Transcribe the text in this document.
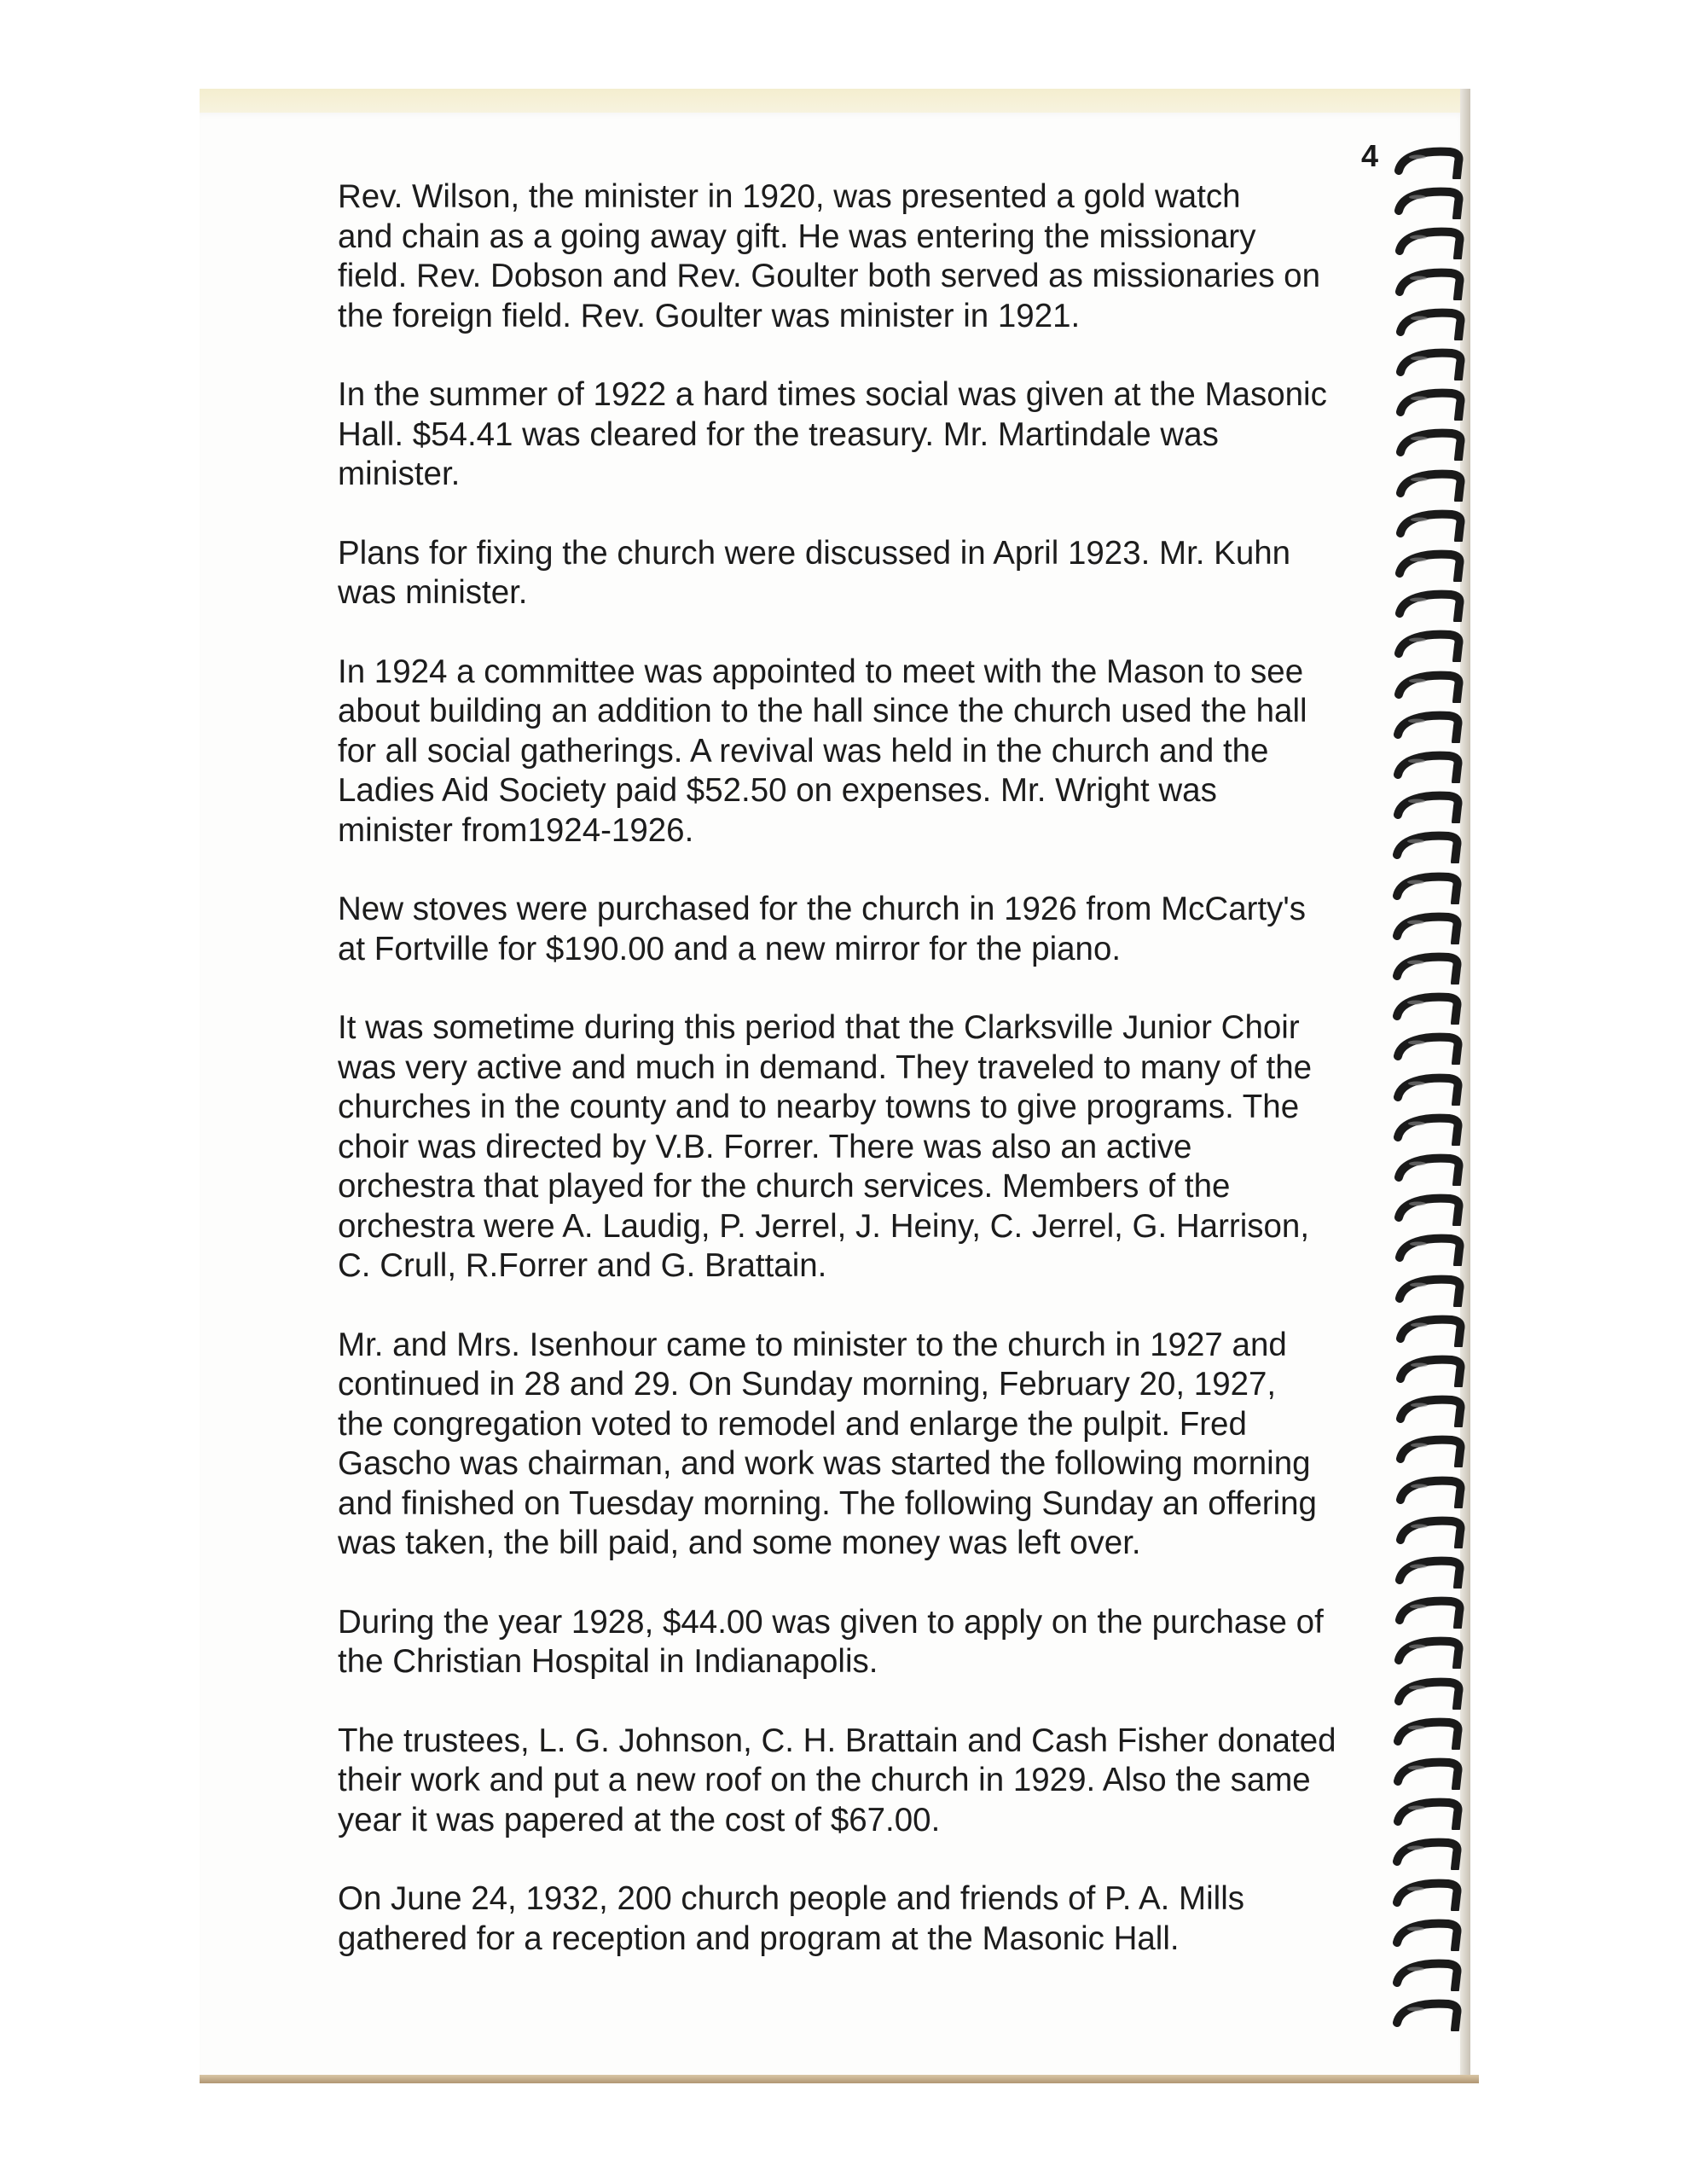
4

Rev. Wilson, the minister in 1920, was presented a gold watch
and chain as a going away gift. He was entering the missionary
field. Rev. Dobson and Rev. Goulter both served as missionaries on
the foreign field. Rev. Goulter was minister in 1921.

In the summer of 1922 a hard times social was given at the Masonic
Hall. $54.41 was cleared for the treasury. Mr. Martindale was
minister.

Plans for fixing the church were discussed in April 1923. Mr. Kuhn
was minister.

In 1924 a committee was appointed to meet with the Mason to see
about building an addition to the hall since the church used the hall
for all social gatherings. A revival was held in the church and the
Ladies Aid Society paid $52.50 on expenses. Mr. Wright was
minister from1924-1926.

New stoves were purchased for the church in 1926 from McCarty's
at Fortville for $190.00 and a new mirror for the piano.

It was sometime during this period that the Clarksville Junior Choir
was very active and much in demand. They traveled to many of the
churches in the county and to nearby towns to give programs. The
choir was directed by V.B. Forrer. There was also an active
orchestra that played for the church services. Members of the
orchestra were A. Laudig, P. Jerrel, J. Heiny, C. Jerrel, G. Harrison,
C. Crull, R.Forrer and G. Brattain.

Mr. and Mrs. Isenhour came to minister to the church in 1927 and
continued in 28 and 29. On Sunday morning, February 20, 1927,
the congregation voted to remodel and enlarge the pulpit. Fred
Gascho was chairman, and work was started the following morning
and finished on Tuesday morning. The following Sunday an offering
was taken, the bill paid, and some money was left over.

During the year 1928, $44.00 was given to apply on the purchase of
the Christian Hospital in Indianapolis.

The trustees, L. G. Johnson, C. H. Brattain and Cash Fisher donated
their work and put a new roof on the church in 1929. Also the same
year it was papered at the cost of $67.00.

On June 24, 1932, 200 church people and friends of P. A. Mills
gathered for a reception and program at the Masonic Hall.
